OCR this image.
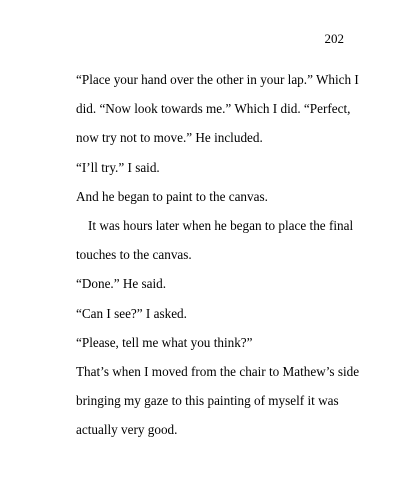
202
“Place your hand over the other in your lap.” Which I
did. “Now look towards me.” Which I did. “Perfect,
now try not to move.” He included.
“I’ll try.” I said.
And he began to paint to the canvas.
It was hours later when he began to place the final
touches to the canvas.
“Done.” He said.
“Can I see?” I asked.
“Please, tell me what you think?”
That’s when I moved from the chair to Mathew’s side
bringing my gaze to this painting of myself it was
actually very good.
